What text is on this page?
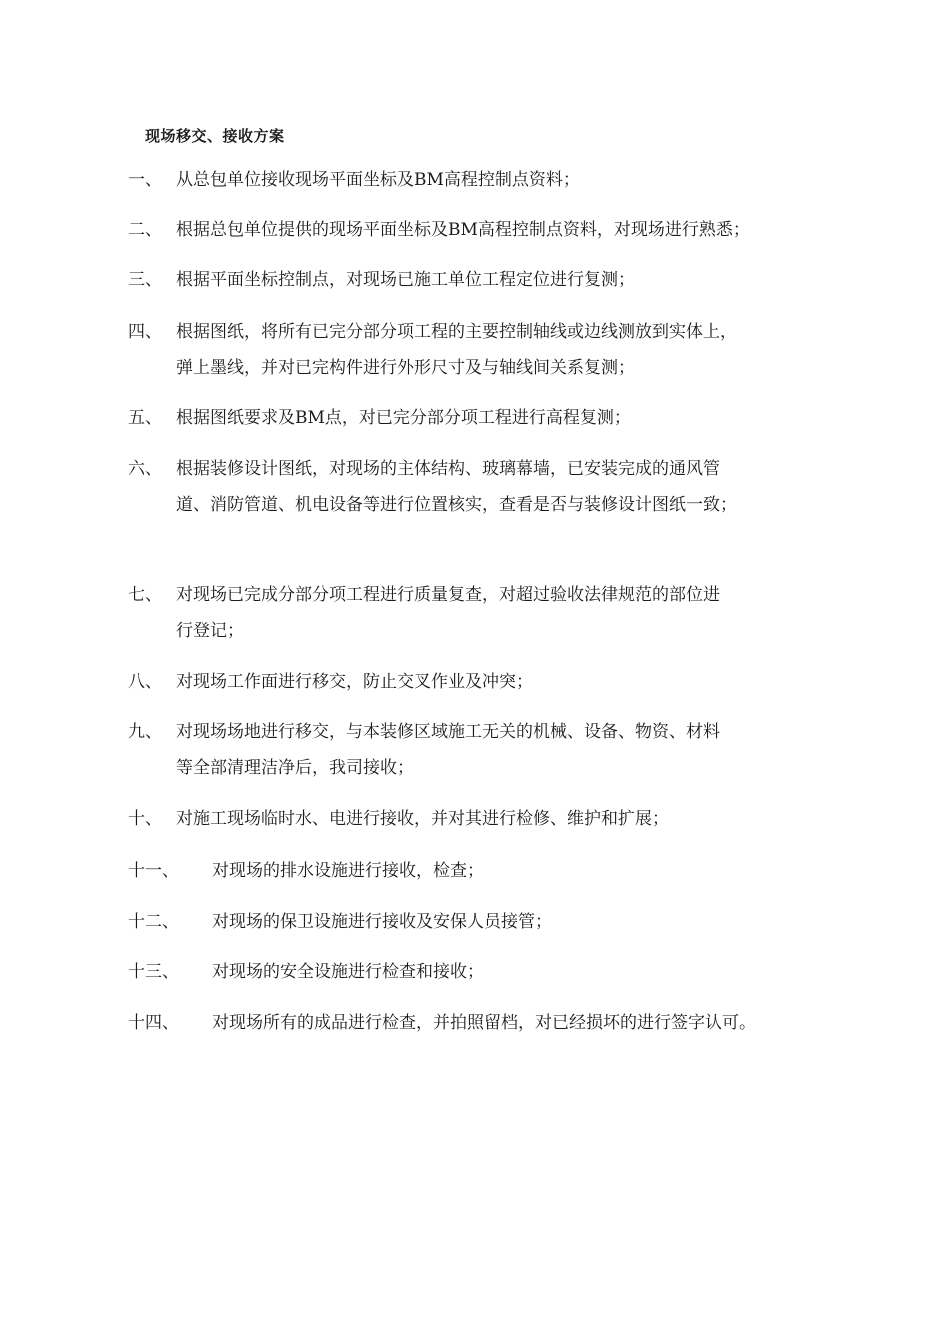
现场移交、接收方案
一、 从总包单位接收现场平面坐标及BM高程控制点资料；
二、 根据总包单位提供的现场平面坐标及BM高程控制点资料，对现场进行熟悉；
三、 根据平面坐标控制点，对现场已施工单位工程定位进行复测；
四、 根据图纸，将所有已完分部分项工程的主要控制轴线或边线测放到实体上，
弹上墨线，并对已完构件进行外形尺寸及与轴线间关系复测；
五、 根据图纸要求及BM点，对已完分部分项工程进行高程复测；
六、 根据装修设计图纸，对现场的主体结构、玻璃幕墙，已安装完成的通风管
道、消防管道、机电设备等进行位置核实，查看是否与装修设计图纸一致；
七、 对现场已完成分部分项工程进行质量复查，对超过验收法律规范的部位进
行登记；
八、 对现场工作面进行移交，防止交叉作业及冲突；
九、 对现场场地进行移交，与本装修区域施工无关的机械、设备、物资、材料
等全部清理洁净后，我司接收；
十、 对施工现场临时水、电进行接收，并对其进行检修、维护和扩展；
十一、 对现场的排水设施进行接收，检查；
十二、 对现场的保卫设施进行接收及安保人员接管；
十三、 对现场的安全设施进行检查和接收；
十四、 对现场所有的成品进行检查，并拍照留档，对已经损坏的进行签字认可。
